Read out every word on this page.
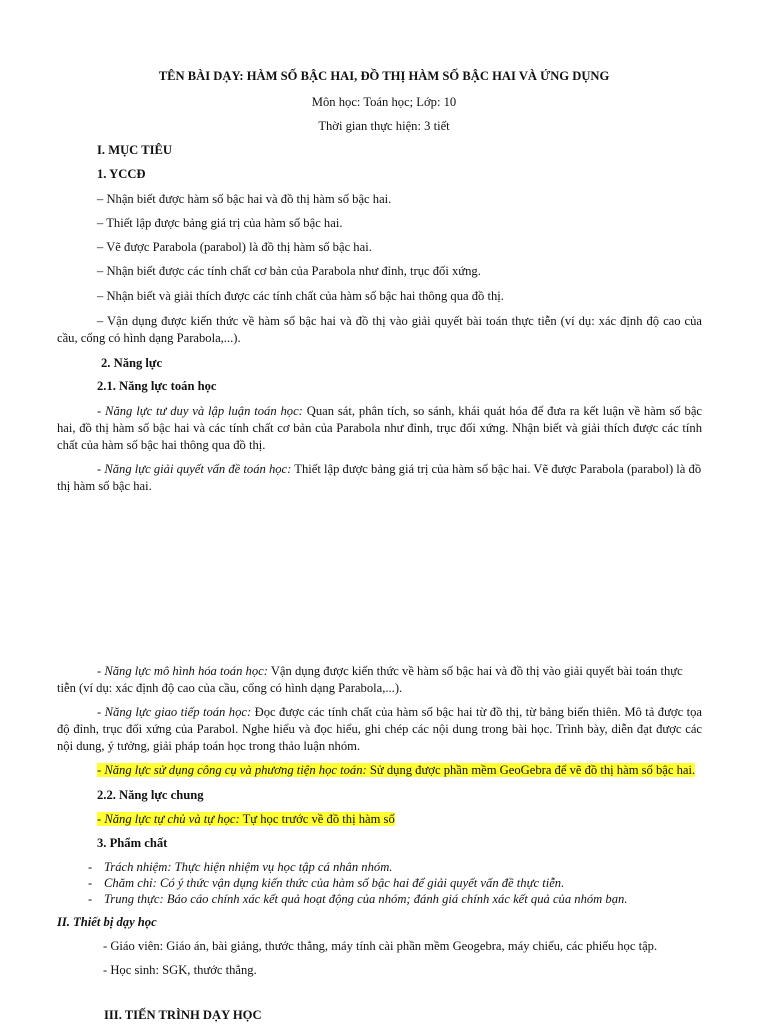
TÊN BÀI DẠY: HÀM SỐ BẬC HAI, ĐỒ THỊ HÀM SỐ BẬC HAI VÀ ỨNG DỤNG
Môn học: Toán học; Lớp: 10
Thời gian thực hiện: 3 tiết
I. MỤC TIÊU
1. YCCĐ
– Nhận biết được hàm số bậc hai và đồ thị hàm số bậc hai.
– Thiết lập được bảng giá trị của hàm số bậc hai.
– Vẽ được Parabola (parabol) là đồ thị hàm số bậc hai.
– Nhận biết được các tính chất cơ bản của Parabola như đỉnh, trục đối xứng.
– Nhận biết và giải thích được các tính chất của hàm số bậc hai thông qua đồ thị.
– Vận dụng được kiến thức về hàm số bậc hai và đồ thị vào giải quyết bài toán thực tiễn (ví dụ: xác định độ cao của cầu, cổng có hình dạng Parabola,...).
2. Năng lực
2.1. Năng lực toán học
- Năng lực tư duy và lập luận toán học: Quan sát, phân tích, so sánh, khái quát hóa để đưa ra kết luận về hàm số bậc hai, đồ thị hàm số bậc hai và các tính chất cơ bản của Parabola như đỉnh, trục đối xứng. Nhận biết và giải thích được các tính chất của hàm số bậc hai thông qua đồ thị.
- Năng lực giải quyết vấn đề toán học: Thiết lập được bảng giá trị của hàm số bậc hai. Vẽ được Parabola (parabol) là đồ thị hàm số bậc hai.
- Năng lực mô hình hóa toán học: Vận dụng được kiến thức về hàm số bậc hai và đồ thị vào giải quyết bài toán thực tiễn (ví dụ: xác định độ cao của cầu, cổng có hình dạng Parabola,...).
- Năng lực giao tiếp toán học: Đọc được các tính chất của hàm số bậc hai từ đồ thị, từ bảng biến thiên. Mô tả được tọa độ đỉnh, trục đối xứng của Parabol. Nghe hiểu và đọc hiểu, ghi chép các nội dung trong bài học. Trình bày, diễn đạt được các nội dung, ý tưởng, giải pháp toán học trong thảo luận nhóm.
- Năng lực sử dụng công cụ và phương tiện học toán: Sử dụng được phần mềm GeoGebra để vẽ đồ thị hàm số bậc hai.
2.2. Năng lực chung
- Năng lực tự chủ và tự học: Tự học trước về đồ thị hàm số
3. Phẩm chất
- Trách nhiệm: Thực hiện nhiệm vụ học tập cá nhân nhóm.
- Chăm chỉ: Có ý thức vận dụng kiến thức của hàm số bậc hai để giải quyết vấn đề thực tiễn.
- Trung thực: Báo cáo chính xác kết quả hoạt động của nhóm; đánh giá chính xác kết quả của nhóm bạn.
II. Thiết bị dạy học
- Giáo viên: Giáo án, bài giảng, thước thẳng, máy tính cài phần mềm Geogebra, máy chiếu, các phiếu học tập.
- Học sinh: SGK, thước thẳng.
III. TIẾN TRÌNH DẠY HỌC
